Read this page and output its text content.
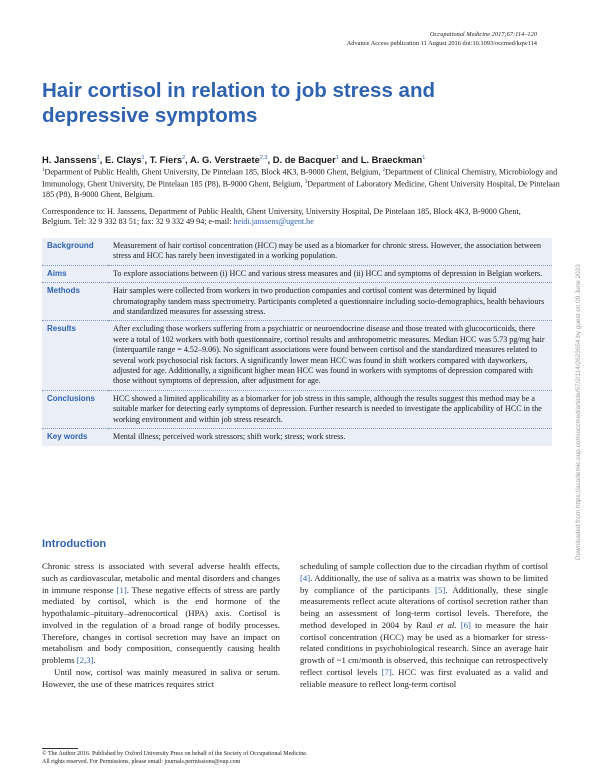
Occupational Medicine 2017;67:114–120
Advance Access publication 11 August 2016 doi:10.1093/occmed/kqw114
Hair cortisol in relation to job stress and depressive symptoms
H. Janssens$^1$, E. Clays$^1$, T. Fiers$^2$, A. G. Verstraete$^{2,3}$, D. de Bacquer$^1$ and L. Braeckman$^1$
$^1$Department of Public Health, Ghent University, De Pintelaan 185, Block 4K3, B-9000 Ghent, Belgium, $^2$Department of Clinical Chemistry, Microbiology and Immunology, Ghent University, De Pintelaan 185 (P8), B-9000 Ghent, Belgium, $^3$Department of Laboratory Medicine, Ghent University Hospital, De Pintelaan 185 (P8), B-9000 Ghent, Belgium.
Correspondence to: H. Janssens, Department of Public Health, Ghent University, University Hospital, De Pintelaan 185, Block 4K3, B-9000 Ghent, Belgium. Tel: 32 9 332 83 51; fax: 32 9 332 49 94; e-mail: heidi.janssens@ugent.be
Background	Measurement of hair cortisol concentration (HCC) may be used as a biomarker for chronic stress. However, the association between stress and HCC has rarely been investigated in a working population.
Aims	To explore associations between (i) HCC and various stress measures and (ii) HCC and symptoms of depression in Belgian workers.
Methods	Hair samples were collected from workers in two production companies and cortisol content was determined by liquid chromatography tandem mass spectrometry. Participants completed a questionnaire including socio-demographics, health behaviours and standardized measures for assessing stress.
Results	After excluding those workers suffering from a psychiatric or neuroendocrine disease and those treated with glucocorticoids, there were a total of 102 workers with both questionnaire, cortisol results and anthropometric measures. Median HCC was 5.73 pg/mg hair (interquartile range = 4.52–9.06). No significant associations were found between cortisol and the standardized measures related to several work psychosocial risk factors. A significantly lower mean HCC was found in shift workers compared with dayworkers, adjusted for age. Additionally, a significant higher mean HCC was found in workers with symptoms of depression compared with those without symptoms of depression, after adjustment for age.
Conclusions	HCC showed a limited applicability as a biomarker for job stress in this sample, although the results suggest this method may be a suitable marker for detecting early symptoms of depression. Further research is needed to investigate the applicability of HCC in the working environment and within job stress research.
Key words	Mental illness; perceived work stressors; shift work; stress; work stress.
Introduction

Chronic stress is associated with several adverse health effects, such as cardiovascular, metabolic and mental disorders and changes in immune response [1]. These negative effects of stress are partly mediated by cortisol, which is the end hormone of the hypothalamic–pituitary–adrenocortical (HPA) axis. Cortisol is involved in the regulation of a broad range of bodily processes. Therefore, changes in cortisol secretion may have an impact on metabolism and body composition, consequently causing health problems [2,3].

Until now, cortisol was mainly measured in saliva or serum. However, the use of these matrices requires strict

scheduling of sample collection due to the circadian rhythm of cortisol [4]. Additionally, the use of saliva as a matrix was shown to be limited by compliance of the participants [5]. Additionally, these single measurements reflect acute alterations of cortisol secretion rather than being an assessment of long-term cortisol levels. Therefore, the method developed in 2004 by Raul et al. [6] to measure the hair cortisol concentration (HCC) may be used as a biomarker for stress-related conditions in psychobiological research. Since an average hair growth of ~1 cm/month is observed, this technique can retrospectively reflect cortisol levels [7]. HCC was first evaluated as a valid and reliable measure to reflect long-term cortisol

© The Author 2016. Published by Oxford University Press on behalf of the Society of Occupational Medicine.
All rights reserved. For Permissions, please email: journals.permissions@oup.com
Downloaded from https://academic.oup.com/occmed/article/67/2/114/2623654 by guest on 09 June 2023
